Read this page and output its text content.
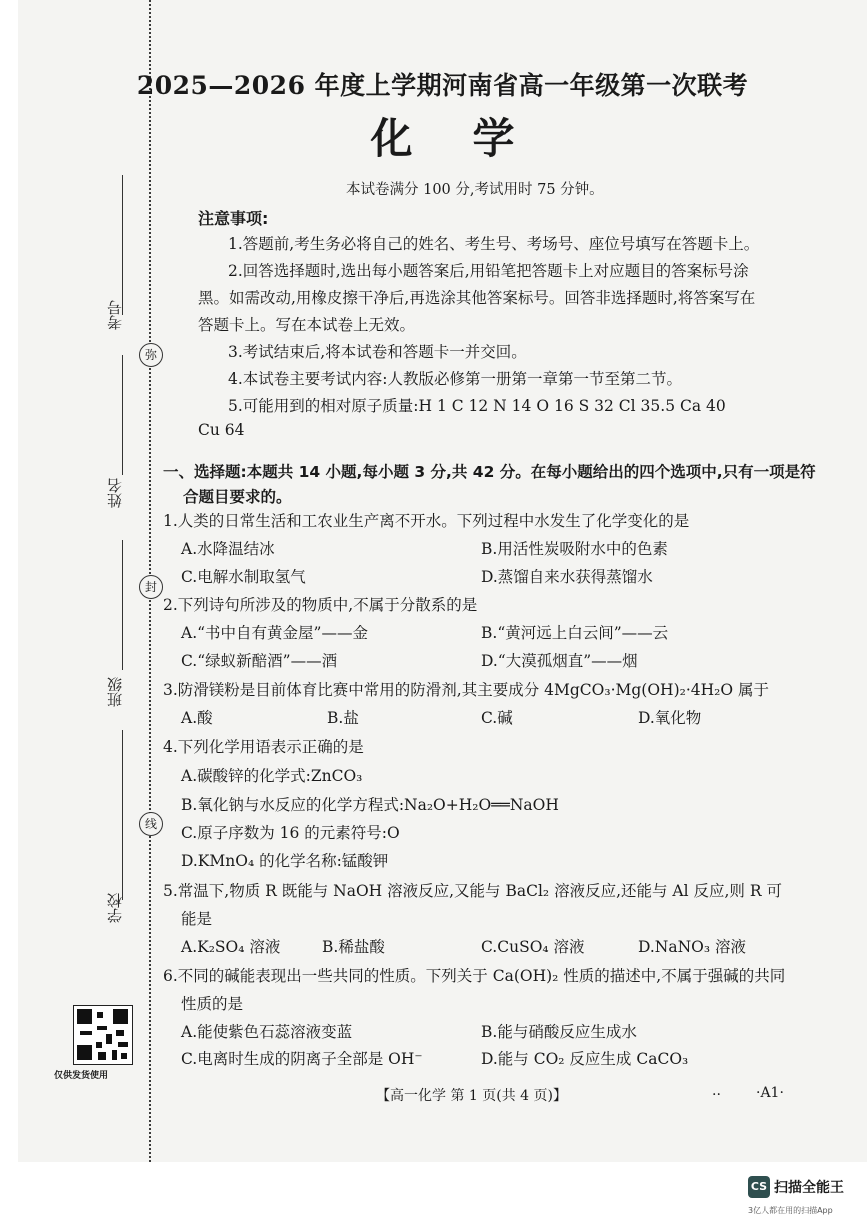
考号
姓名
班级
学校
弥
封
线
仅供发货使用
2025—2026 年度上学期河南省高一年级第一次联考
化学
本试卷满分 100 分,考试用时 75 分钟。
注意事项:
1.答题前,考生务必将自己的姓名、考生号、考场号、座位号填写在答题卡上。
2.回答选择题时,选出每小题答案后,用铅笔把答题卡上对应题目的答案标号涂
黑。如需改动,用橡皮擦干净后,再选涂其他答案标号。回答非选择题时,将答案写在
答题卡上。写在本试卷上无效。
3.考试结束后,将本试卷和答题卡一并交回。
4.本试卷主要考试内容:人教版必修第一册第一章第一节至第二节。
5.可能用到的相对原子质量:H 1 C 12 N 14 O 16 S 32 Cl 35.5 Ca 40
Cu 64
一、选择题:本题共 14 小题,每小题 3 分,共 42 分。在每小题给出的四个选项中,只有一项是符
合题目要求的。
1.人类的日常生活和工农业生产离不开水。下列过程中水发生了化学变化的是
A.水降温结冰	B.用活性炭吸附水中的色素
C.电解水制取氢气	D.蒸馏自来水获得蒸馏水
2.下列诗句所涉及的物质中,不属于分散系的是
A.“书中自有黄金屋”——金	B.“黄河远上白云间”——云
C.“绿蚁新醅酒”——酒	D.“大漠孤烟直”——烟
3.防滑镁粉是目前体育比赛中常用的防滑剂,其主要成分 4MgCO₃·Mg(OH)₂·4H₂O 属于
A.酸	B.盐	C.碱	D.氧化物
4.下列化学用语表示正确的是
A.碳酸锌的化学式:ZnCO₃
B.氧化钠与水反应的化学方程式:Na₂O+H₂O══NaOH
C.原子序数为 16 的元素符号:O
D.KMnO₄ 的化学名称:锰酸钾
5.常温下,物质 R 既能与 NaOH 溶液反应,又能与 BaCl₂ 溶液反应,还能与 Al 反应,则 R 可
能是
A.K₂SO₄ 溶液	B.稀盐酸	C.CuSO₄ 溶液	D.NaNO₃ 溶液
6.不同的碱能表现出一些共同的性质。下列关于 Ca(OH)₂ 性质的描述中,不属于强碱的共同
性质的是
A.能使紫色石蕊溶液变蓝	B.能与硝酸反应生成水
C.电离时生成的阴离子全部是 OH⁻	D.能与 CO₂ 反应生成 CaCO₃
【高一化学 第 1 页(共 4 页)】	..	·A1·
CS 扫描全能王
3亿人都在用的扫描App
